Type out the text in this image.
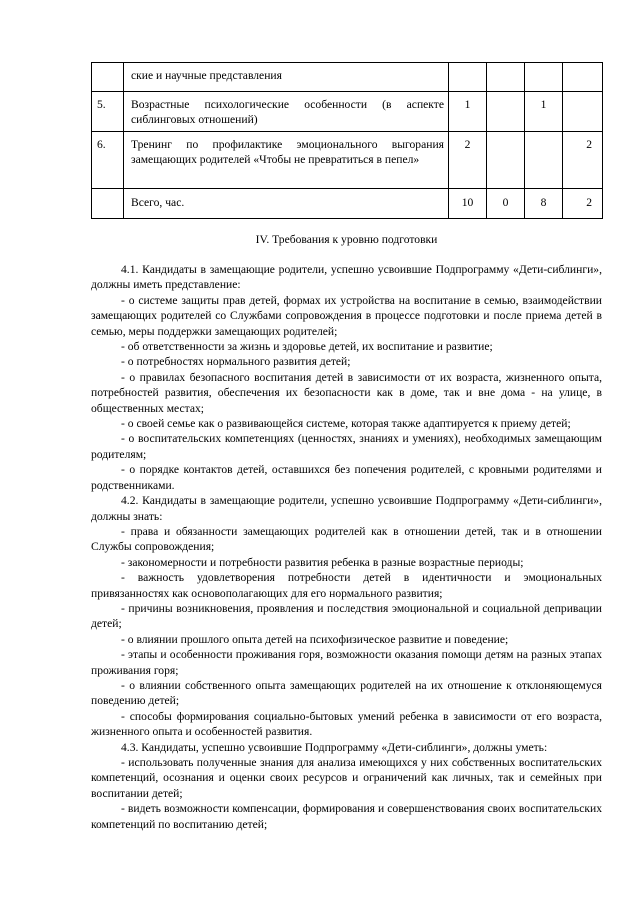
	ские и научные представления				
5.	Возрастные психологические особенности (в аспекте сиблинговых отношений)	1		1	
6.	Тренинг по профилактике эмоционального выгорания замещающих родителей «Чтобы не превратиться в пепел»	2			2
	Всего, час.	10	0	8	2
IV. Требования к уровню подготовки

4.1. Кандидаты в замещающие родители, успешно усвоившие Подпрограмму «Дети-сиблинги», должны иметь представление:

- о системе защиты прав детей, формах их устройства на воспитание в семью, взаимодействии замещающих родителей со Службами сопровождения в процессе подготовки и после приема детей в семью, меры поддержки замещающих родителей;

- об ответственности за жизнь и здоровье детей, их воспитание и развитие;

- о потребностях нормального развития детей;

- о правилах безопасного воспитания детей в зависимости от их возраста, жизненного опыта, потребностей развития, обеспечения их безопасности как в доме, так и вне дома - на улице, в общественных местах;

- о своей семье как о развивающейся системе, которая также адаптируется к приему детей;

- о воспитательских компетенциях (ценностях, знаниях и умениях), необходимых замещающим родителям;

- о порядке контактов детей, оставшихся без попечения родителей, с кровными родителями и родственниками.

4.2. Кандидаты в замещающие родители, успешно усвоившие Подпрограмму «Дети-сиблинги», должны знать:

- права и обязанности замещающих родителей как в отношении детей, так и в отношении Службы сопровождения;

- закономерности и потребности развития ребенка в разные возрастные периоды;

- важность удовлетворения потребности детей в идентичности и эмоциональных привязанностях как основополагающих для его нормального развития;

- причины возникновения, проявления и последствия эмоциональной и социальной депривации детей;

- о влиянии прошлого опыта детей на психофизическое развитие и поведение;

- этапы и особенности проживания горя, возможности оказания помощи детям на разных этапах проживания горя;

- о влиянии собственного опыта замещающих родителей на их отношение к отклоняющемуся поведению детей;

- способы формирования социально-бытовых умений ребенка в зависимости от его возраста, жизненного опыта и особенностей развития.

4.3. Кандидаты, успешно усвоившие Подпрограмму «Дети-сиблинги», должны уметь:

- использовать полученные знания для анализа имеющихся у них собственных воспитательских компетенций, осознания и оценки своих ресурсов и ограничений как личных, так и семейных при воспитании детей;

- видеть возможности компенсации, формирования и совершенствования своих воспитательских компетенций по воспитанию детей;
